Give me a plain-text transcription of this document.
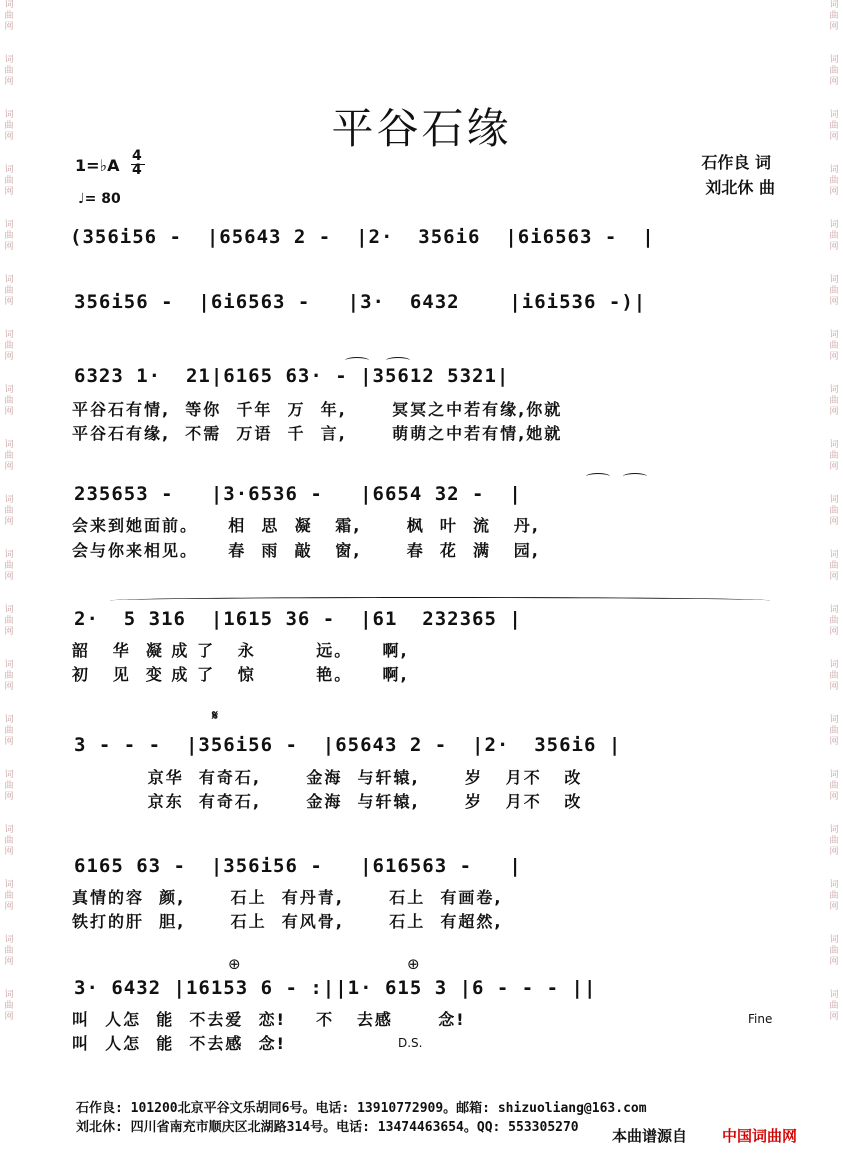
词
曲
网

词
曲
网

词
曲
网

词
曲
网

词
曲
网

词
曲
网

词
曲
网

词
曲
网

词
曲
网

词
曲
网

词
曲
网

词
曲
网

词
曲
网

词
曲
网

词
曲
网

词
曲
网

词
曲
网

词
曲
网

词
曲
网
词
曲
网

词
曲
网

词
曲
网

词
曲
网

词
曲
网

词
曲
网

词
曲
网

词
曲
网

词
曲
网

词
曲
网

词
曲
网

词
曲
网

词
曲
网

词
曲
网

词
曲
网

词
曲
网

词
曲
网

词
曲
网

词
曲
网
平谷石缘
1=♭A 4
4
♩= 80
石作良 词
刘北休 曲
(356i56 -  |65643 2 -  |2·  356i6  |6i6563 -  |
356i56 -  |6i6563 -   |3·  6432    |i6i536 -)|
6323 1·  21|6165 63· - |35612 5321|
平谷石有情,  等你  千年  万  年,      冥冥之中若有缘,你就
平谷石有缘,  不需  万语  千  言,      萌萌之中若有情,她就
235653 -   |3·6536 -   |6654 32 -  |
会来到她面前。    相  思  凝   霜,      枫  叶  流   丹,
会与你来相见。    春  雨  敲   窗,      春  花  满   园,
2·  5 316  |1615 36 -  |61  232365 |
韶   华  凝 成 了   永        远。    啊,
初   见  变 成 了   惊        艳。    啊,
𝄋
3 - - -  |356i56 -  |65643 2 -  |2·  356i6 |
京华  有奇石,      金海  与轩辕,      岁   月不   改
京东  有奇石,      金海  与轩辕,      岁   月不   改
6165 63 -  |356i56 -   |616563 -   |
真情的容  颜,      石上  有丹青,      石上  有画卷,
铁打的肝  胆,      石上  有风骨,      石上  有超然,
⊕	⊕
3· 6432 |16153 6 - :||1· 615 3 |6 - - - ||
叫  人怎  能  不去爱  恋!    不   去感      念!
叫  人怎  能  不去感  念!	D.S.
Fine
石作良: 101200北京平谷文乐胡同6号。电话: 13910772909。邮箱: shizuoliang@163.com
刘北休: 四川省南充市顺庆区北湖路314号。电话: 13474463654。QQ: 553305270 本曲谱源自 中国词曲网
